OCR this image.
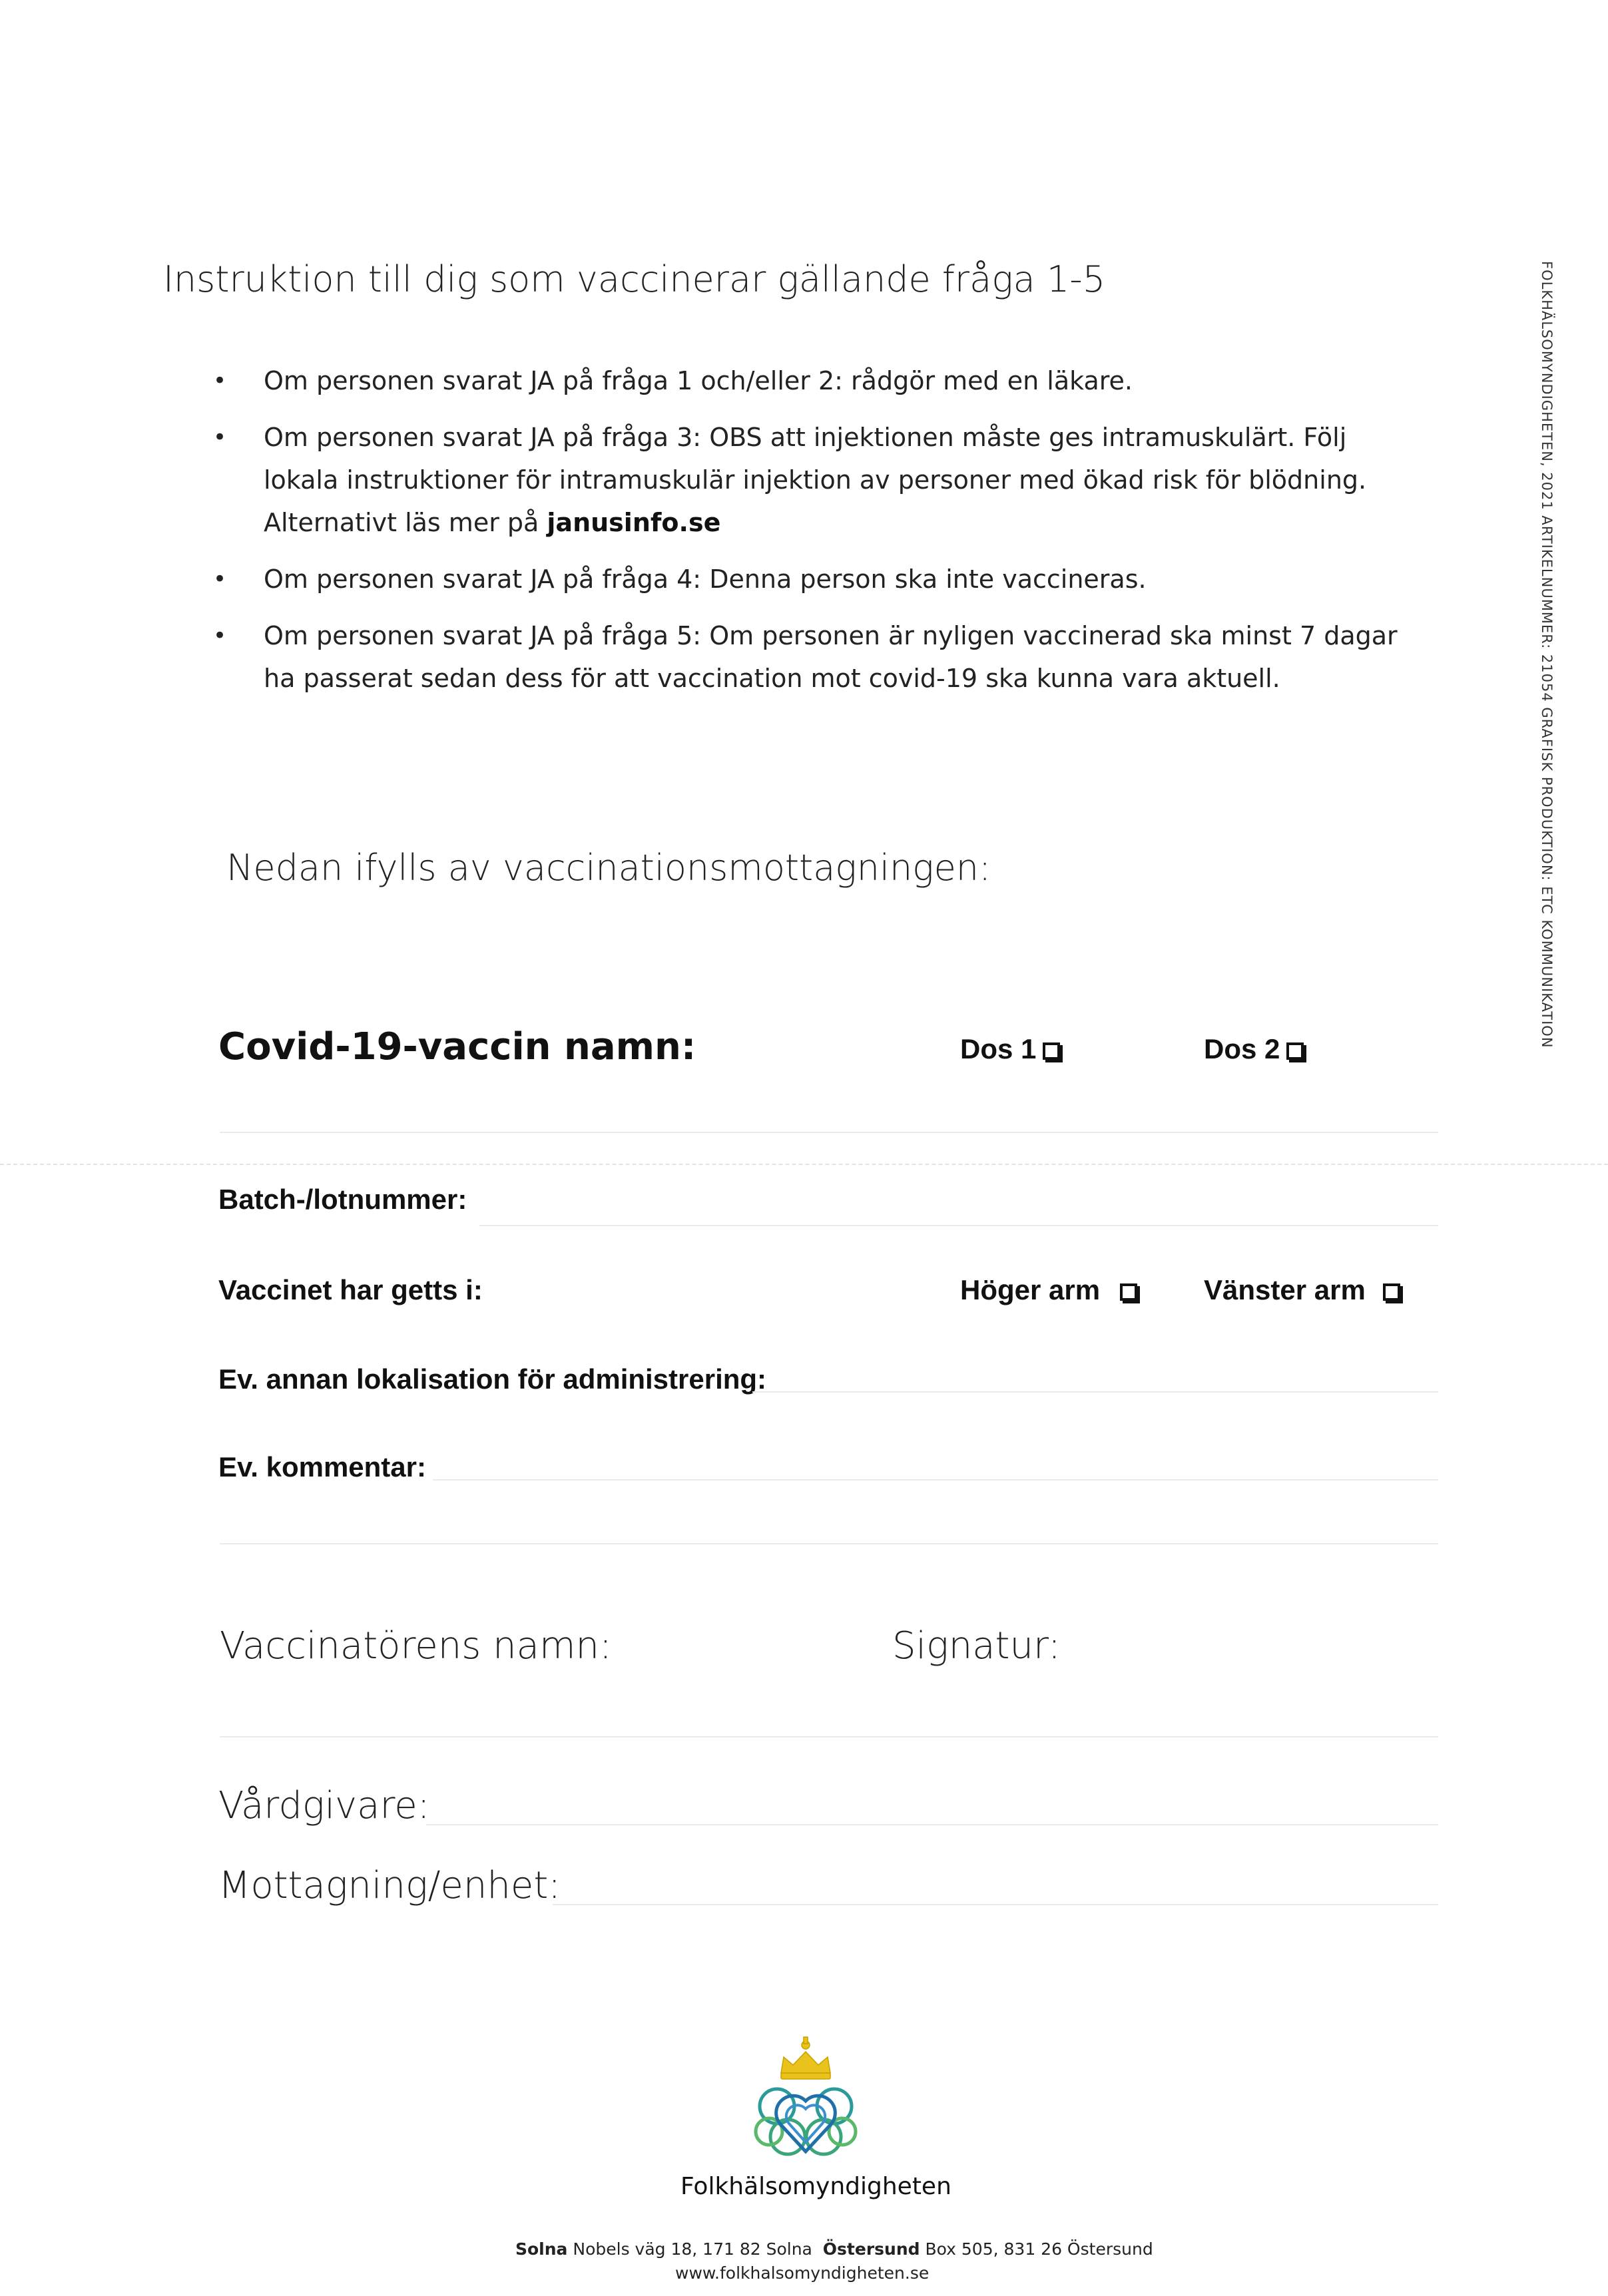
FOLKHÄLSOMYNDIGHETEN, 2021 ARTIKELNUMMER: 21054 GRAFISK PRODUKTION: ETC KOMMUNIKATION
Instruktion till dig som vaccinerar gällande fråga 1-5
• Om personen svarat JA på fråga 1 och/eller 2: rådgör med en läkare.
• Om personen svarat JA på fråga 3: OBS att injektionen måste ges intramuskulärt. Följ lokala instruktioner för intramuskulär injektion av personer med ökad risk för blödning. Alternativt läs mer på janusinfo.se
• Om personen svarat JA på fråga 4: Denna person ska inte vaccineras.
• Om personen svarat JA på fråga 5: Om personen är nyligen vaccinerad ska minst 7 dagar ha passerat sedan dess för att vaccination mot covid-19 ska kunna vara aktuell.
Nedan ifylls av vaccinationsmottagningen:
Covid-19-vaccin namn:	Dos 1	Dos 2
Batch-/lotnummer:
Vaccinet har getts i:	Höger arm	Vänster arm
Ev. annan lokalisation för administrering:
Ev. kommentar:
Vaccinatörens namn:	Signatur:
Vårdgivare:
Mottagning/enhet:
Folkhälsomyndigheten
Solna Nobels väg 18, 171 82 Solna Östersund Box 505, 831 26 Östersund
www.folkhalsomyndigheten.se
